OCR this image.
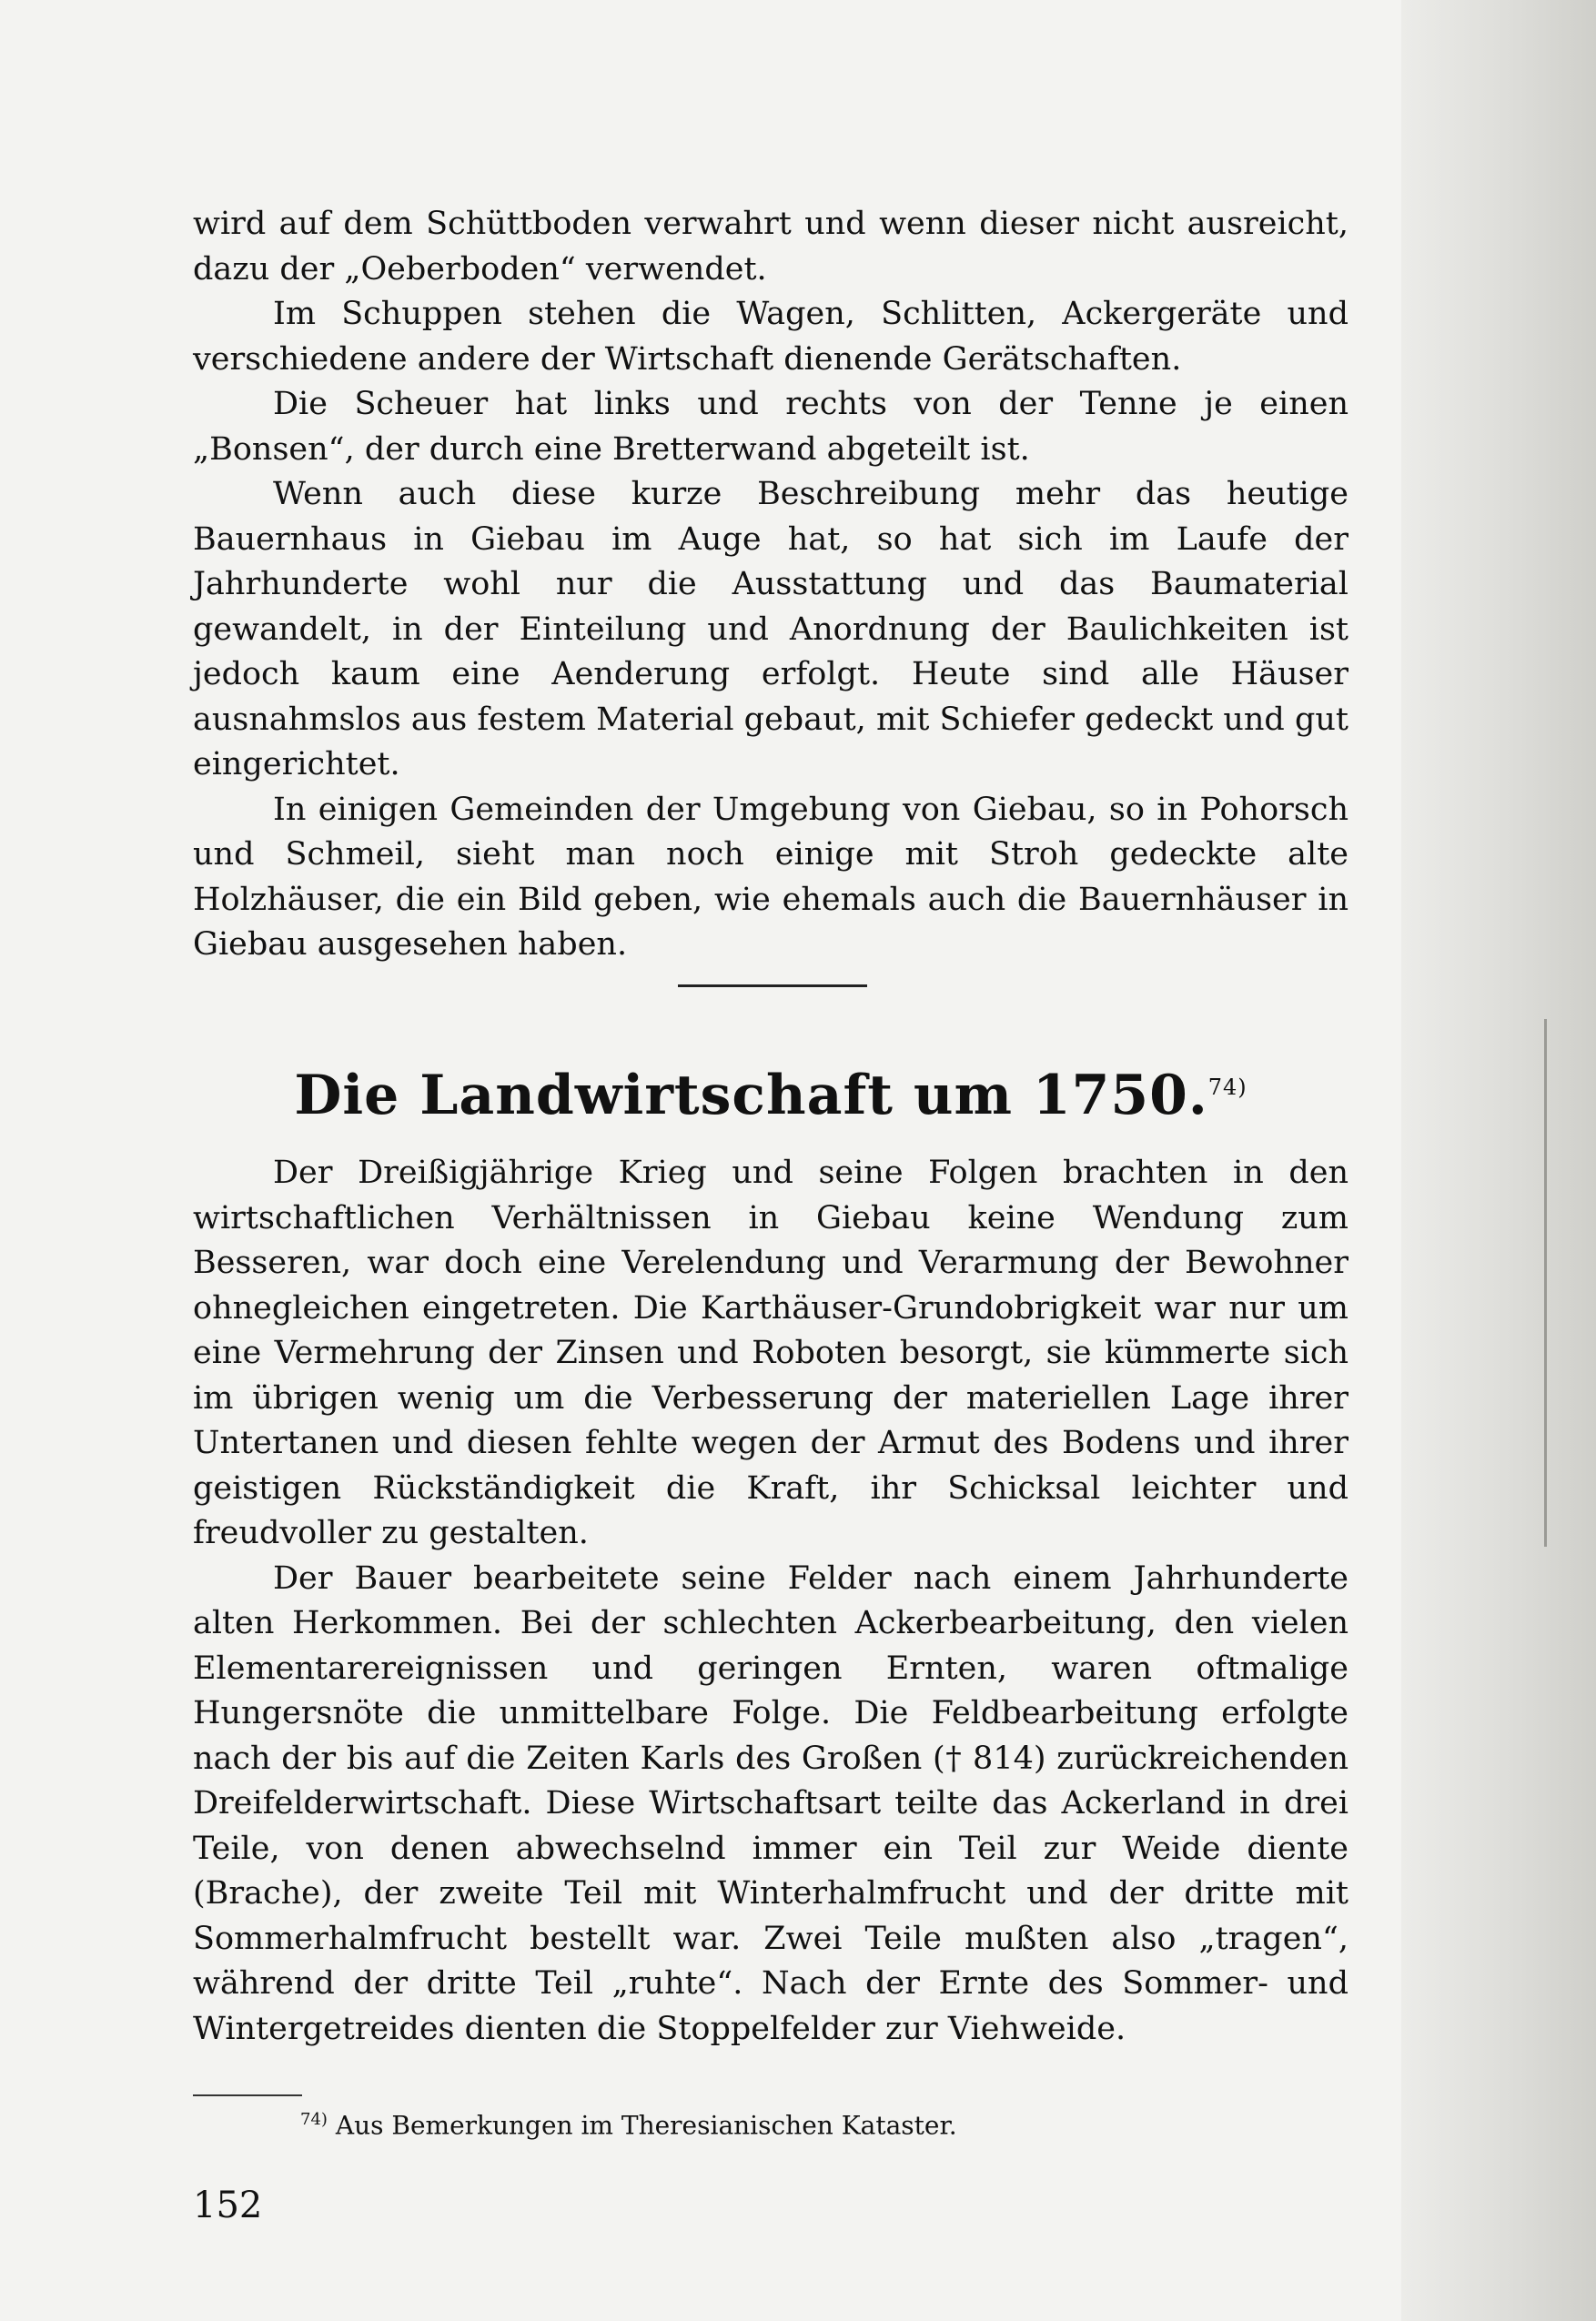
wird auf dem Schüttboden verwahrt und wenn dieser nicht ausreicht, dazu der „Oeberboden“ verwendet.

Im Schuppen stehen die Wagen, Schlitten, Ackergeräte und verschiedene andere der Wirtschaft dienende Gerätschaften.

Die Scheuer hat links und rechts von der Tenne je einen „Bonsen“, der durch eine Bretterwand abgeteilt ist.

Wenn auch diese kurze Beschreibung mehr das heutige Bauernhaus in Giebau im Auge hat, so hat sich im Laufe der Jahrhunderte wohl nur die Ausstattung und das Baumaterial gewandelt, in der Einteilung und Anordnung der Baulichkeiten ist jedoch kaum eine Aenderung erfolgt. Heute sind alle Häuser ausnahmslos aus festem Material gebaut, mit Schiefer gedeckt und gut eingerichtet.

In einigen Gemeinden der Umgebung von Giebau, so in Pohorsch und Schmeil, sieht man noch einige mit Stroh gedeckte alte Holzhäuser, die ein Bild geben, wie ehemals auch die Bauernhäuser in Giebau ausgesehen haben.

Die Landwirtschaft um 1750.$^{74)}$

Der Dreißigjährige Krieg und seine Folgen brachten in den wirtschaftlichen Verhältnissen in Giebau keine Wendung zum Besseren, war doch eine Verelendung und Verarmung der Bewohner ohnegleichen eingetreten. Die Karthäuser-Grundobrigkeit war nur um eine Vermehrung der Zinsen und Roboten besorgt, sie kümmerte sich im übrigen wenig um die Verbesserung der materiellen Lage ihrer Untertanen und diesen fehlte wegen der Armut des Bodens und ihrer geistigen Rückständigkeit die Kraft, ihr Schicksal leichter und freudvoller zu gestalten.

Der Bauer bearbeitete seine Felder nach einem Jahrhunderte alten Herkommen. Bei der schlechten Ackerbearbeitung, den vielen Elementarereignissen und geringen Ernten, waren oftmalige Hungersnöte die unmittelbare Folge. Die Feldbearbeitung erfolgte nach der bis auf die Zeiten Karls des Großen († 814) zurückreichenden Dreifelderwirtschaft. Diese Wirtschaftsart teilte das Ackerland in drei Teile, von denen abwechselnd immer ein Teil zur Weide diente (Brache), der zweite Teil mit Winterhalmfrucht und der dritte mit Sommerhalmfrucht bestellt war. Zwei Teile mußten also „tragen“, während der dritte Teil „ruhte“. Nach der Ernte des Sommer- und Wintergetreides dienten die Stoppelfelder zur Viehweide.

$^{74)}$ Aus Bemerkungen im Theresianischen Kataster.
152
